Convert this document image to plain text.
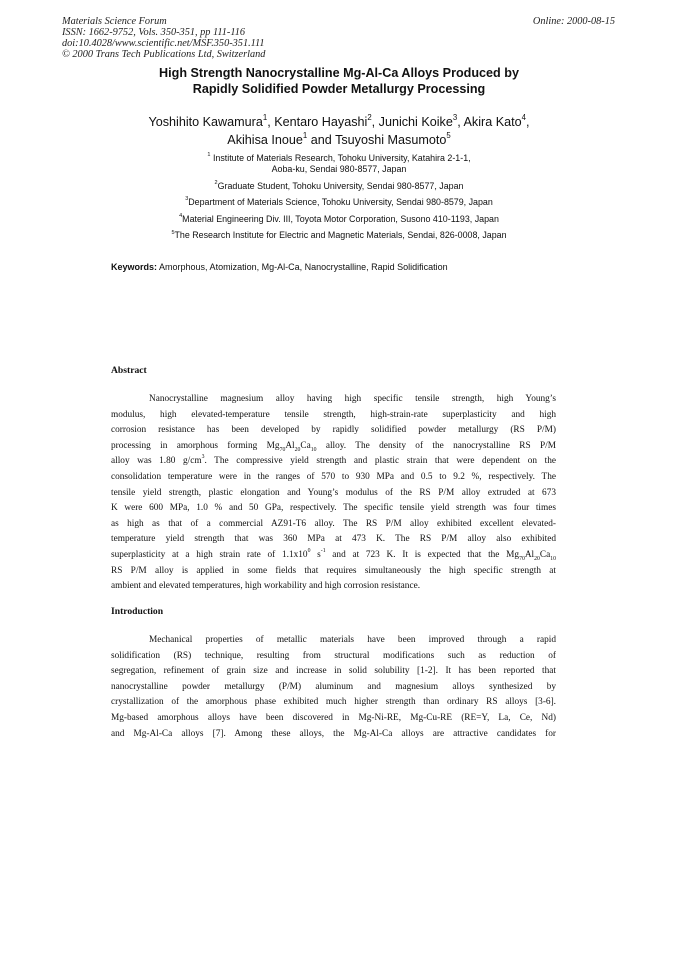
Materials Science Forum
ISSN: 1662-9752, Vols. 350-351, pp 111-116
doi:10.4028/www.scientific.net/MSF.350-351.111
© 2000 Trans Tech Publications Ltd, Switzerland
Online: 2000-08-15
High Strength Nanocrystalline Mg-Al-Ca Alloys Produced by
Rapidly Solidified Powder Metallurgy Processing
Yoshihito Kawamura$^1$, Kentaro Hayashi$^2$, Junichi Koike$^3$, Akira Kato$^4$,
Akihisa Inoue$^1$ and Tsuyoshi Masumoto$^5$
$^1$ Institute of Materials Research, Tohoku University, Katahira 2-1-1,
Aoba-ku, Sendai 980-8577, Japan
$^2$Graduate Student, Tohoku University, Sendai 980-8577, Japan
$^3$Department of Materials Science, Tohoku University, Sendai 980-8579, Japan
$^4$Material Engineering Div. III, Toyota Motor Corporation, Susono 410-1193, Japan
$^5$The Research Institute for Electric and Magnetic Materials, Sendai, 826-0008, Japan
Keywords: Amorphous, Atomization, Mg-Al-Ca, Nanocrystalline, Rapid Solidification
Abstract
Nanocrystalline magnesium alloy having high specific tensile strength, high Young’s
modulus, high elevated-temperature tensile strength, high-strain-rate superplasticity and high
corrosion resistance has been developed by rapidly solidified powder metallurgy (RS P/M)
processing in amorphous forming $Mg_{70}Al_{20}Ca_{10}$ alloy. The density of the nanocrystalline RS P/M
alloy was 1.80 $g/cm^3$. The compressive yield strength and plastic strain that were dependent on the
consolidation temperature were in the ranges of 570 to 930 MPa and 0.5 to 9.2 %, respectively. The
tensile yield strength, plastic elongation and Young’s modulus of the RS P/M alloy extruded at 673
K were 600 MPa, 1.0 % and 50 GPa, respectively. The specific tensile yield strength was four times
as high as that of a commercial AZ91-T6 alloy. The RS P/M alloy exhibited excellent elevated-
temperature yield strength that was 360 MPa at 473 K. The RS P/M alloy also exhibited
superplasticity at a high strain rate of $1.1x10^0$ $s^{-1}$ and at 723 K. It is expected that the $Mg_{70}Al_{20}Ca_{10}$
RS P/M alloy is applied in some fields that requires simultaneously the high specific strength at
ambient and elevated temperatures, high workability and high corrosion resistance.
Introduction
Mechanical properties of metallic materials have been improved through a rapid
solidification (RS) technique, resulting from structural modifications such as reduction of
segregation, refinement of grain size and increase in solid solubility [1-2]. It has been reported that
nanocrystalline powder metallurgy (P/M) aluminum and magnesium alloys synthesized by
crystallization of the amorphous phase exhibited much higher strength than ordinary RS alloys [3-6].
Mg-based amorphous alloys have been discovered in Mg-Ni-RE, Mg-Cu-RE (RE=Y, La, Ce, Nd)
and Mg-Al-Ca alloys [7]. Among these alloys, the Mg-Al-Ca alloys are attractive candidates for
